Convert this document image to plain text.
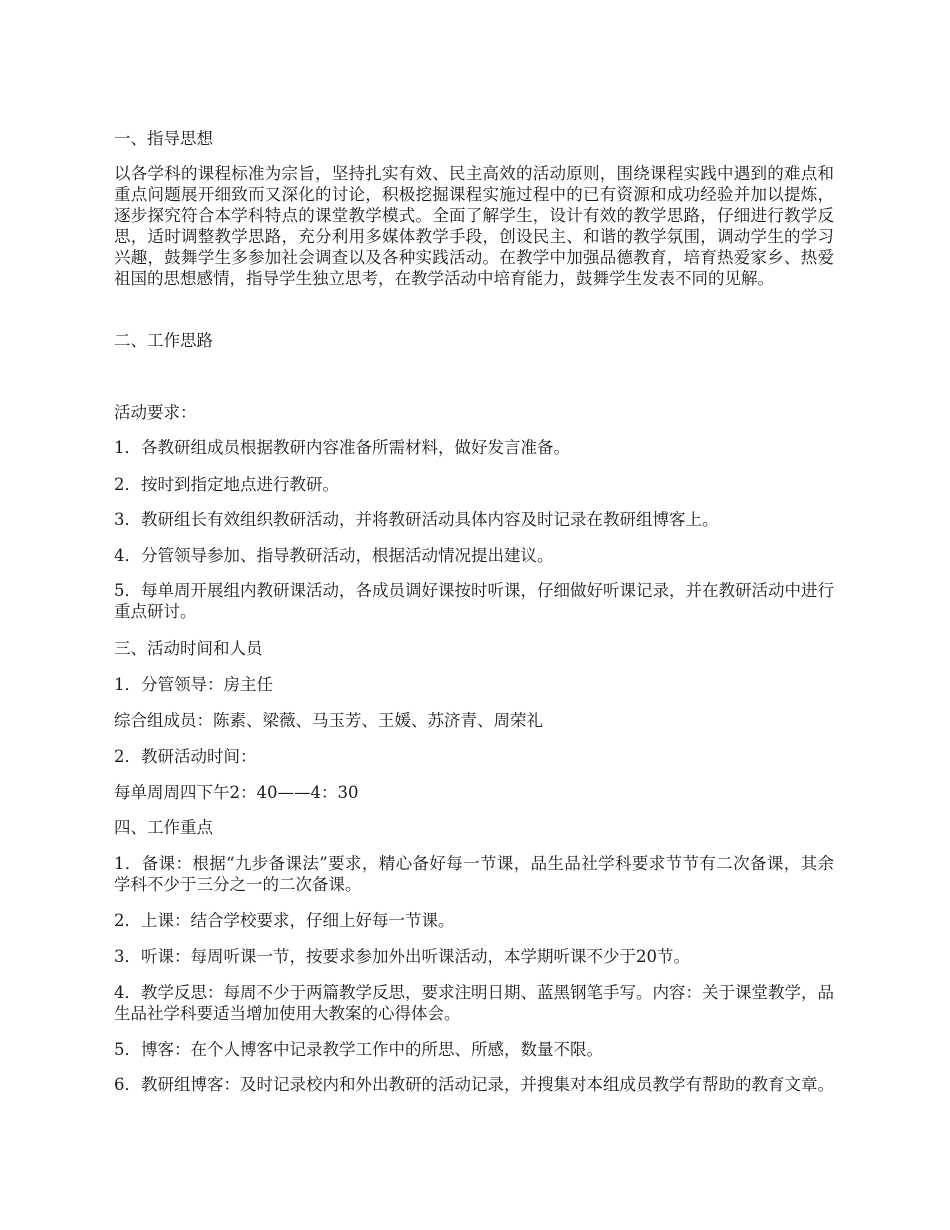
一、指导思想

以各学科的课程标准为宗旨，坚持扎实有效、民主高效的活动原则，围绕课程实践中遇到的难点和重点问题展开细致而又深化的讨论，积极挖掘课程实施过程中的已有资源和成功经验并加以提炼，逐步探究符合本学科特点的课堂教学模式。全面了解学生，设计有效的教学思路，仔细进行教学反思，适时调整教学思路，充分利用多媒体教学手段，创设民主、和谐的教学氛围，调动学生的学习兴趣，鼓舞学生多参加社会调查以及各种实践活动。在教学中加强品德教育，培育热爱家乡、热爱祖国的思想感情，指导学生独立思考，在教学活动中培育能力，鼓舞学生发表不同的见解。

二、工作思路

活动要求：

1．各教研组成员根据教研内容准备所需材料，做好发言准备。

2．按时到指定地点进行教研。

3．教研组长有效组织教研活动，并将教研活动具体内容及时记录在教研组博客上。

4．分管领导参加、指导教研活动，根据活动情况提出建议。

5．每单周开展组内教研课活动，各成员调好课按时听课，仔细做好听课记录，并在教研活动中进行重点研讨。

三、活动时间和人员

1．分管领导：房主任

综合组成员：陈素、梁薇、马玉芳、王媛、苏济青、周荣礼

2．教研活动时间：

每单周周四下午2：40——4：30

四、工作重点

1．备课：根据“九步备课法”要求，精心备好每一节课，品生品社学科要求节节有二次备课，其余学科不少于三分之一的二次备课。

2．上课：结合学校要求，仔细上好每一节课。

3．听课：每周听课一节，按要求参加外出听课活动，本学期听课不少于20节。

4．教学反思：每周不少于两篇教学反思，要求注明日期、蓝黑钢笔手写。内容：关于课堂教学，品生品社学科要适当增加使用大教案的心得体会。

5．博客：在个人博客中记录教学工作中的所思、所感，数量不限。

6．教研组博客：及时记录校内和外出教研的活动记录，并搜集对本组成员教学有帮助的教育文章。
